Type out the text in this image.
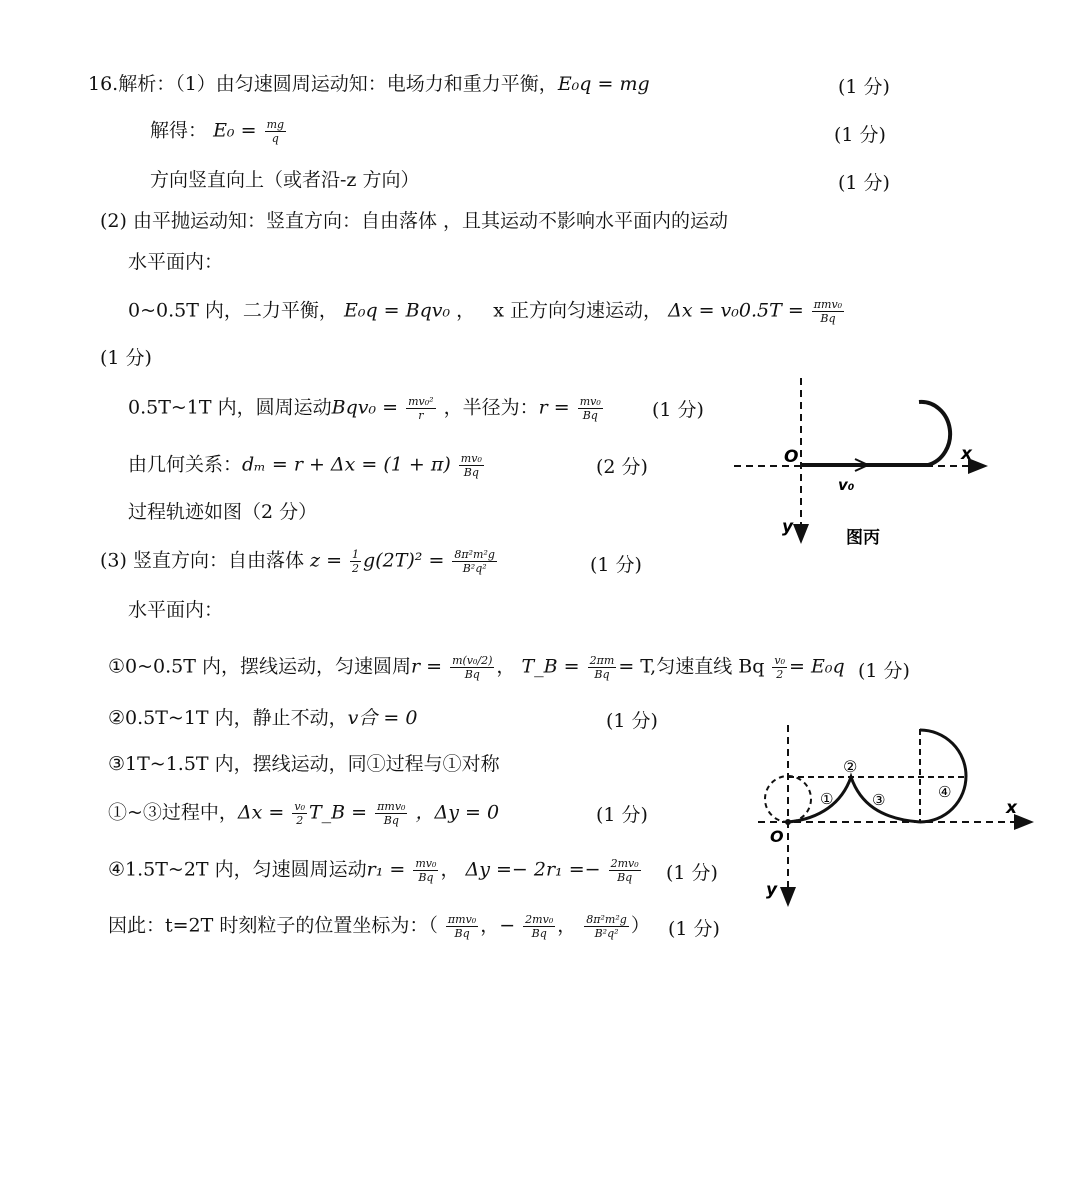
16.解析：（1）由匀速圆周运动知：电场力和重力平衡，E₀q = mg	(1 分)
解得： $E_0 = \frac{mg}{q}$	(1 分)
方向竖直向上（或者沿-z 方向）	(1 分)
(2) 由平抛运动知：竖直方向：自由落体 ，且其运动不影响水平面内的运动
水平面内：
0~0.5T 内，二力平衡， E₀q = Bqv₀ ， x 正方向匀速运动， $\Delta x = v_00.5T = \frac{\text{πmv₀}}{Bq}$
(1 分)
0.5T~1T 内，圆周运动$Bqv_0 = \frac{\text{mv₀²}}{r}$ ，半径为：$r = \frac{\text{mv₀}}{Bq}$	(1 分)
由几何关系：$d_m = r + \Delta x = (1 + \pi) \frac{\text{mv₀}}{Bq}$	(2 分)
过程轨迹如图（2 分）
(3) 竖直方向：自由落体 $z = \frac{1}{2} g(2T)^2 = \frac{\text{8π²m²g}}{\text{B²q²}}$	(1 分)
水平面内：
①0~0.5T 内，摆线运动，匀速圆周$r = \frac{\text{m(v₀/2)}}{Bq}$ ， T_B = $\frac{2\pi m}{Bq} = T$,匀速直线 Bq $\frac{\text{v₀}}{2} = E_0q$ (1 分)
②0.5T~1T 内，静止不动，v合 = 0	(1 分)
③1T~1.5T 内，摆线运动，同①过程与①对称
①~③过程中，$\Delta x = \frac{\text{v₀}}{2}$ T_B = $\frac{\text{πmv₀}}{Bq}$ ，Δy = 0	(1 分)
④1.5T~2T 内，匀速圆周运动$r_1 = \frac{\text{mv₀}}{Bq}$ ， $\Delta y =- 2r_1 =- \frac{\text{2mv₀}}{Bq} (1$ 分)
因此：t=2T 时刻粒子的位置坐标为：（ $\frac{\text{πmv₀}}{Bq}$ ，− $\frac{\text{2mv₀}}{Bq}$ ， $\frac{\text{8π²m²g}}{\text{B²q²}}$ ） (1 分)
O	x
y
v₀
图丙
O
x
y
①
②
③	④
